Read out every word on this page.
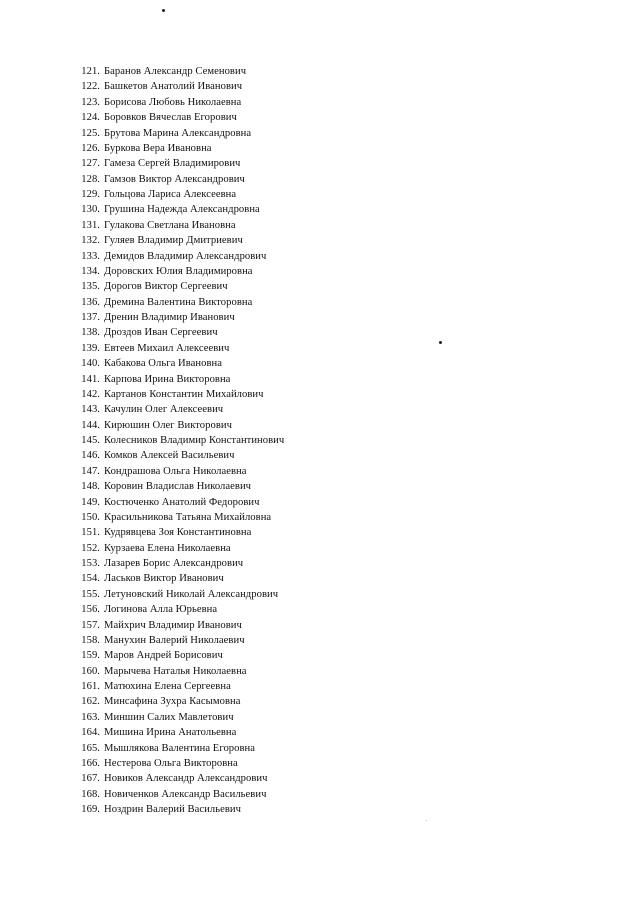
121. Баранов Александр Семенович
122. Башкетов Анатолий Иванович
123. Борисова Любовь Николаевна
124. Боровков Вячеслав Егорович
125. Брутова Марина Александровна
126. Буркова Вера Ивановна
127. Гамеза Сергей Владимирович
128. Гамзов Виктор Александрович
129. Гольцова Лариса Алексеевна
130. Грушина Надежда Александровна
131. Гулакова Светлана Ивановна
132. Гуляев Владимир Дмитриевич
133. Демидов Владимир Александрович
134. Доровских Юлия Владимировна
135. Дорогов Виктор Сергеевич
136. Дремина Валентина Викторовна
137. Дренин Владимир Иванович
138. Дроздов Иван Сергеевич
139. Евтеев Михаил Алексеевич
140. Кабакова Ольга Ивановна
141. Карпова Ирина Викторовна
142. Картанов Константин Михайлович
143. Качулин Олег Алексеевич
144. Кирюшин Олег Викторович
145. Колесников Владимир Константинович
146. Комков Алексей Васильевич
147. Кондрашова Ольга Николаевна
148. Коровин Владислав Николаевич
149. Костюченко Анатолий Федорович
150. Красильникова Татьяна Михайловна
151. Кудрявцева Зоя Константиновна
152. Курзаева Елена Николаевна
153. Лазарев Борис Александрович
154. Ласьков Виктор Иванович
155. Летуновский Николай Александрович
156. Логинова Алла Юрьевна
157. Майхрич Владимир Иванович
158. Манухин Валерий Николаевич
159. Маров Андрей Борисович
160. Марычева Наталья Николаевна
161. Матюхина Елена Сергеевна
162. Минсафина Зухра Касымовна
163. Миншин Салих Мавлетович
164. Мишина Ирина Анатольевна
165. Мышлякова Валентина Егоровна
166. Нестерова Ольга Викторовна
167. Новиков Александр Александрович
168. Новиченков Александр Васильевич
169. Ноздрин Валерий Васильевич
